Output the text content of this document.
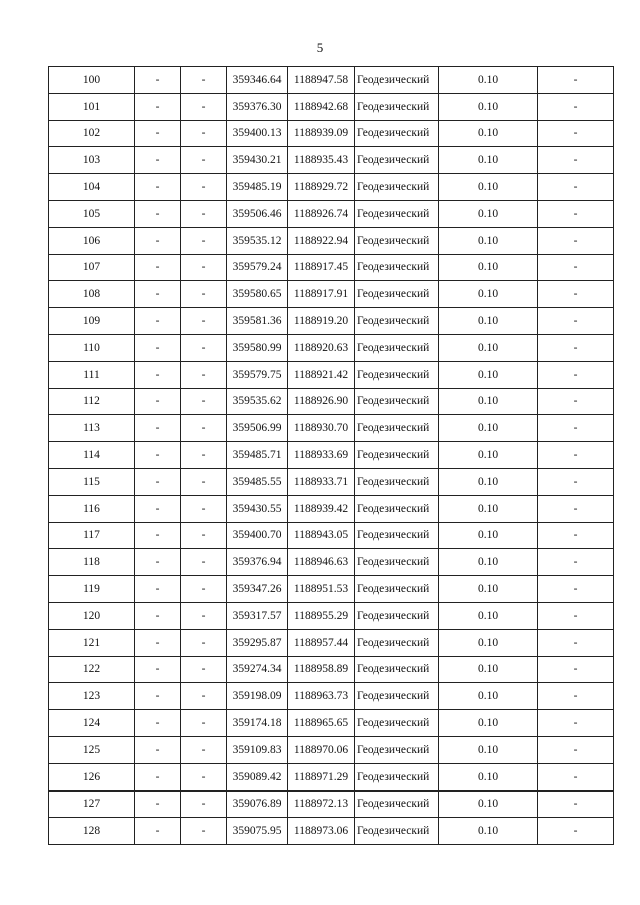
5
100	-	-	359346.64	1188947.58	Геодезический	0.10	-
101	-	-	359376.30	1188942.68	Геодезический	0.10	-
102	-	-	359400.13	1188939.09	Геодезический	0.10	-
103	-	-	359430.21	1188935.43	Геодезический	0.10	-
104	-	-	359485.19	1188929.72	Геодезический	0.10	-
105	-	-	359506.46	1188926.74	Геодезический	0.10	-
106	-	-	359535.12	1188922.94	Геодезический	0.10	-
107	-	-	359579.24	1188917.45	Геодезический	0.10	-
108	-	-	359580.65	1188917.91	Геодезический	0.10	-
109	-	-	359581.36	1188919.20	Геодезический	0.10	-
110	-	-	359580.99	1188920.63	Геодезический	0.10	-
111	-	-	359579.75	1188921.42	Геодезический	0.10	-
112	-	-	359535.62	1188926.90	Геодезический	0.10	-
113	-	-	359506.99	1188930.70	Геодезический	0.10	-
114	-	-	359485.71	1188933.69	Геодезический	0.10	-
115	-	-	359485.55	1188933.71	Геодезический	0.10	-
116	-	-	359430.55	1188939.42	Геодезический	0.10	-
117	-	-	359400.70	1188943.05	Геодезический	0.10	-
118	-	-	359376.94	1188946.63	Геодезический	0.10	-
119	-	-	359347.26	1188951.53	Геодезический	0.10	-
120	-	-	359317.57	1188955.29	Геодезический	0.10	-
121	-	-	359295.87	1188957.44	Геодезический	0.10	-
122	-	-	359274.34	1188958.89	Геодезический	0.10	-
123	-	-	359198.09	1188963.73	Геодезический	0.10	-
124	-	-	359174.18	1188965.65	Геодезический	0.10	-
125	-	-	359109.83	1188970.06	Геодезический	0.10	-
126	-	-	359089.42	1188971.29	Геодезический	0.10	-
127	-	-	359076.89	1188972.13	Геодезический	0.10	-
128	-	-	359075.95	1188973.06	Геодезический	0.10	-
